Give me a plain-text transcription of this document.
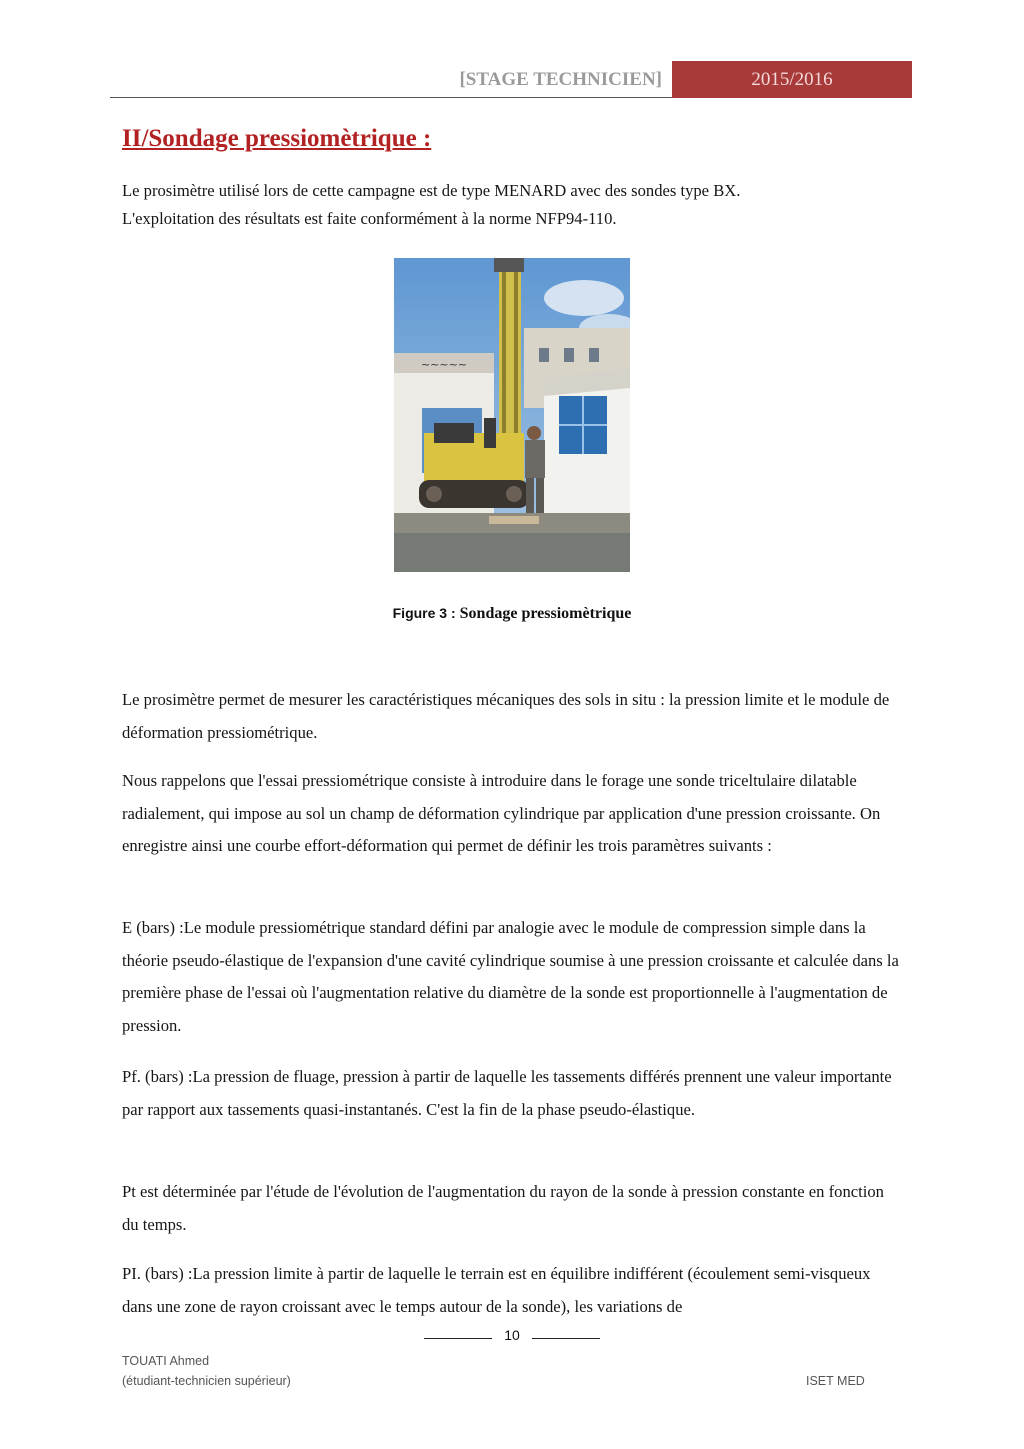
[STAGE TECHNICIEN]	2015/2016
II/Sondage pressiomètrique :

Le prosimètre utilisé lors de cette campagne est de type MENARD avec des sondes type BX.

L'exploitation des résultats est faite conformément à la norme NFP94-110.

~~~~~
Figure 3 : Sondage pressiomètrique

Le prosimètre permet de mesurer les caractéristiques mécaniques des sols in situ : la pression limite et le module de déformation pressiométrique.

Nous rappelons que l'essai pressiométrique consiste à introduire dans le forage une sonde triceltulaire dilatable radialement, qui impose au sol un champ de déformation cylindrique par application d'une pression croissante. On enregistre ainsi une courbe effort-déformation qui permet de définir les trois paramètres suivants :

E (bars) :Le module pressiométrique standard défini par analogie avec le module de compression simple dans la théorie pseudo-élastique de l'expansion d'une cavité cylindrique soumise à une pression croissante et calculée dans la première phase de l'essai où l'augmentation relative du diamètre de la sonde est proportionnelle à l'augmentation de pression.

Pf. (bars) :La pression de fluage, pression à partir de laquelle les tassements différés prennent une valeur importante par rapport aux tassements quasi-instantanés. C'est la fin de la phase pseudo-élastique.

Pt est déterminée par l'étude de l'évolution de l'augmentation du rayon de la sonde à pression constante en fonction du temps.

PI. (bars) :La pression limite à partir de laquelle le terrain est en équilibre indifférent (écoulement semi-visqueux dans une zone de rayon croissant avec le temps autour de la sonde), les variations de

10
TOUATI Ahmed
(étudiant-technicien supérieur)	ISET MED
